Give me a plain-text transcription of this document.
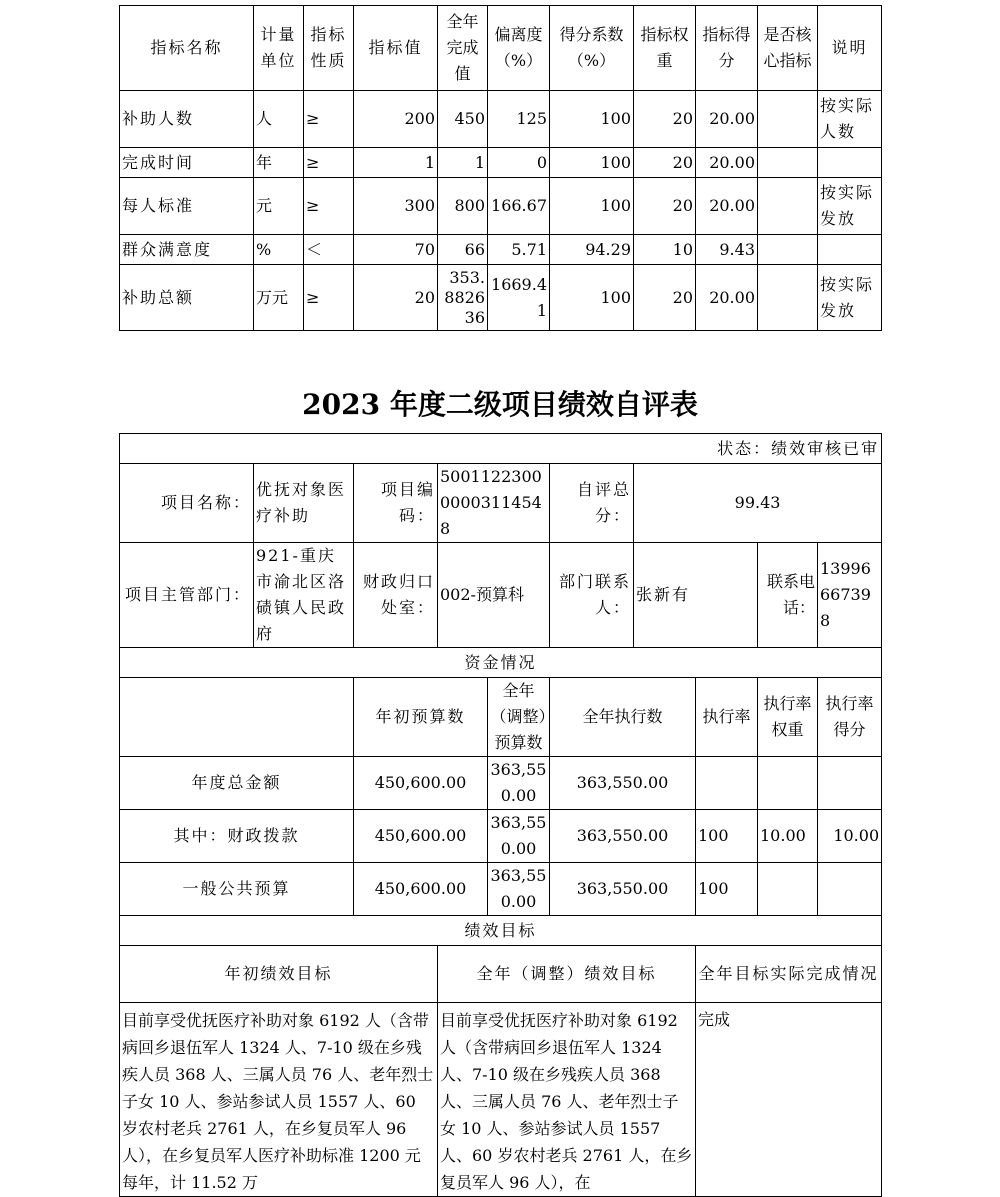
指标名称	计量单位	指标性质	指标值	全年完成值	偏离度（%）	得分系数（%）	指标权重	指标得分	是否核心指标	说明
补助人数	人	≥	200	450	125	100	20	20.00		按实际人数
完成时间	年	≥	1	1	0	100	20	20.00		
每人标准	元	≥	300	800	166.67	100	20	20.00		按实际发放
群众满意度	%	＜	70	66	5.71	94.29	10	9.43		
补助总额	万元	≥	20	353.882636	1669.41	100	20	20.00		按实际发放
2023 年度二级项目绩效自评表
状态：绩效审核已审									
项目名称：	优抚对象医疗补助	项目编码：	500112230000003114548		自评总分：	99.43			
项目主管部门：	921-重庆市渝北区洛碛镇人民政府	财政归口处室：	002-预算科		部门联系人：	张新有		联系电话：	13996667398
资金情况									
		年初预算数		全年（调整）预算数	全年执行数		执行率	执行率权重	执行率得分
年度总金额		450,600.00		363,550.00	363,550.00				
其中：财政拨款		450,600.00		363,550.00	363,550.00		100	10.00	10.00
一般公共预算		450,600.00		363,550.00	363,550.00		100		
绩效目标									
年初绩效目标			全年（调整）绩效目标				全年目标实际完成情况		
目前享受优抚医疗补助对象 6192 人（含带病回乡退伍军人 1324 人、7-10 级在乡残疾人员 368 人、三属人员 76 人、老年烈士子女 10 人、参站参试人员 1557 人、60 岁农村老兵 2761 人，在乡复员军人 96 人），在乡复员军人医疗补助标准 1200 元每年，计 11.52 万			目前享受优抚医疗补助对象 6192 人（含带病回乡退伍军人 1324 人、7-10 级在乡残疾人员 368 人、三属人员 76 人、老年烈士子女 10 人、参站参试人员 1557 人、60 岁农村老兵 2761 人，在乡复员军人 96 人），在				完成		
